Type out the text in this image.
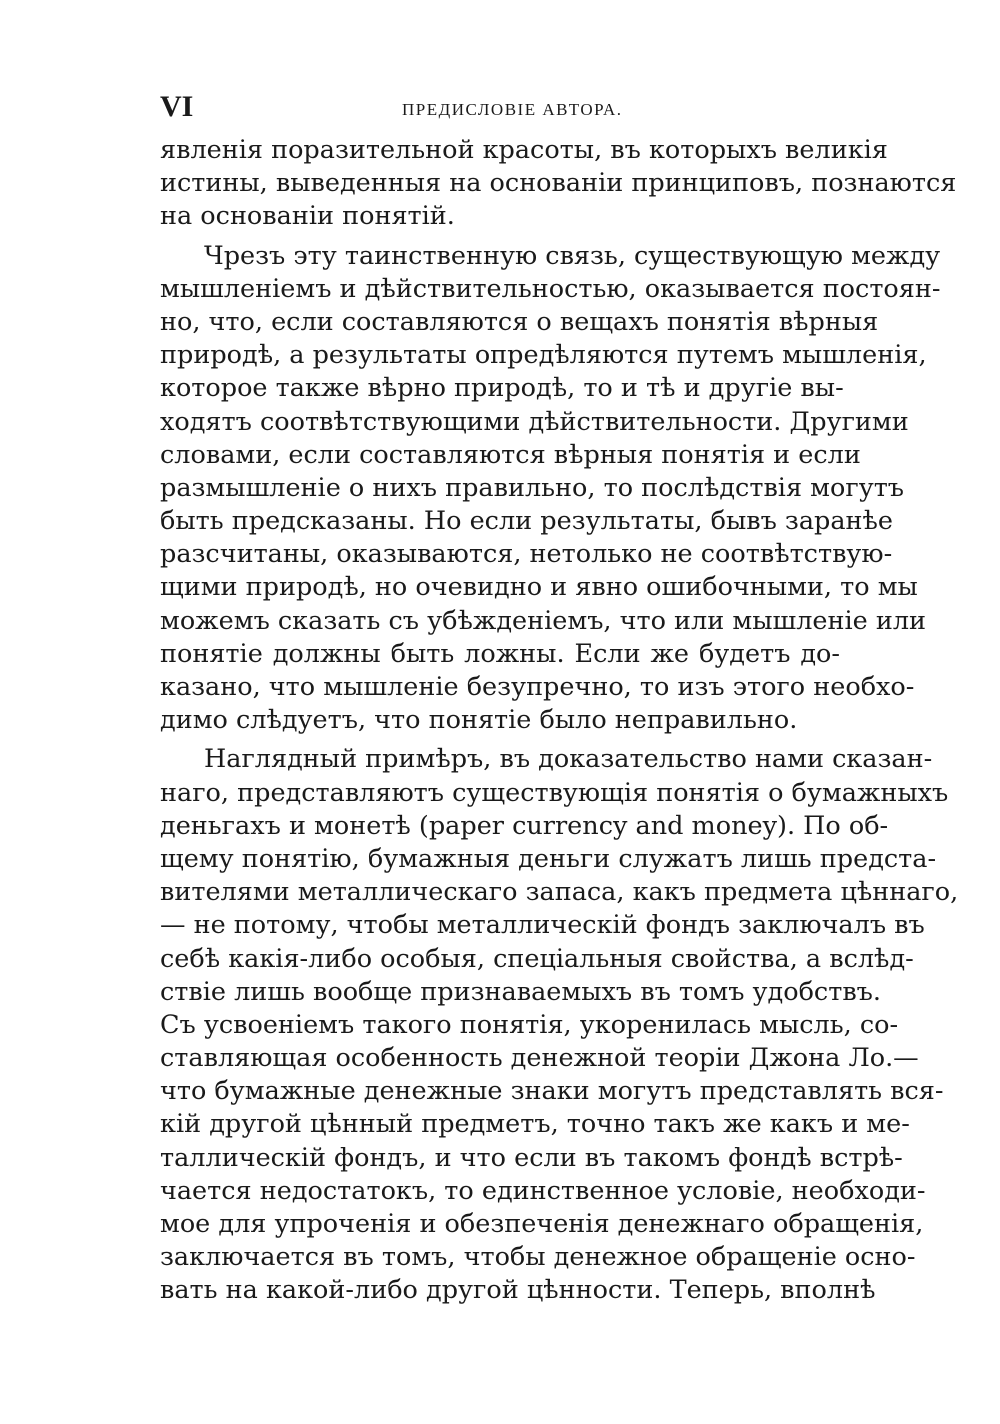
VI	ПРЕДИСЛОВІЕ АВТОРА.
явленія поразительной красоты, въ которыхъ великія
истины, выведенныя на основаніи принциповъ, познаются
на основаніи понятій.
Чрезъ эту таинственную связь, существующую между
мышленіемъ и дѣйствительностью, оказывается постоян-
но, что, если составляются о вещахъ понятія вѣрныя
природѣ, а результаты опредѣляются путемъ мышленія,
которое также вѣрно природѣ, то и тѣ и другіе вы-
ходятъ соотвѣтствующими дѣйствительности. Другими
словами, если составляются вѣрныя понятія и если
размышленіе о нихъ правильно, то послѣдствія могутъ
быть предсказаны. Но если результаты, бывъ заранѣе
разсчитаны, оказываются, нетолько не соотвѣтствую-
щими природѣ, но очевидно и явно ошибочными, то мы
можемъ сказать съ убѣжденіемъ, что или мышленіе или
понятіе должны быть ложны. Если же будетъ до-
казано, что мышленіе безупречно, то изъ этого необхо-
димо слѣдуетъ, что понятіе было неправильно.
Наглядный примѣръ, въ доказательство нами сказан-
наго, представляютъ существующія понятія о бумажныхъ
деньгахъ и монетѣ (paper currency and money). По об-
щему понятію, бумажныя деньги служатъ лишь предста-
вителями металлическаго запаса, какъ предмета цѣннаго,
— не потому, чтобы металлическій фондъ заключалъ въ
себѣ какія-либо особыя, спеціальныя свойства, а вслѣд-
ствіе лишь вообще признаваемыхъ въ томъ удобствъ.
Съ усвоеніемъ такого понятія, укоренилась мысль, со-
ставляющая особенность денежной теоріи Джона Ло.—
что бумажные денежные знаки могутъ представлять вся-
кій другой цѣнный предметъ, точно такъ же какъ и ме-
таллическій фондъ, и что если въ такомъ фондѣ встрѣ-
чается недостатокъ, то единственное условіе, необходи-
мое для упроченія и обезпеченія денежнаго обращенія,
заключается въ томъ, чтобы денежное обращеніе осно-
вать на какой-либо другой цѣнности. Теперь, вполнѣ
